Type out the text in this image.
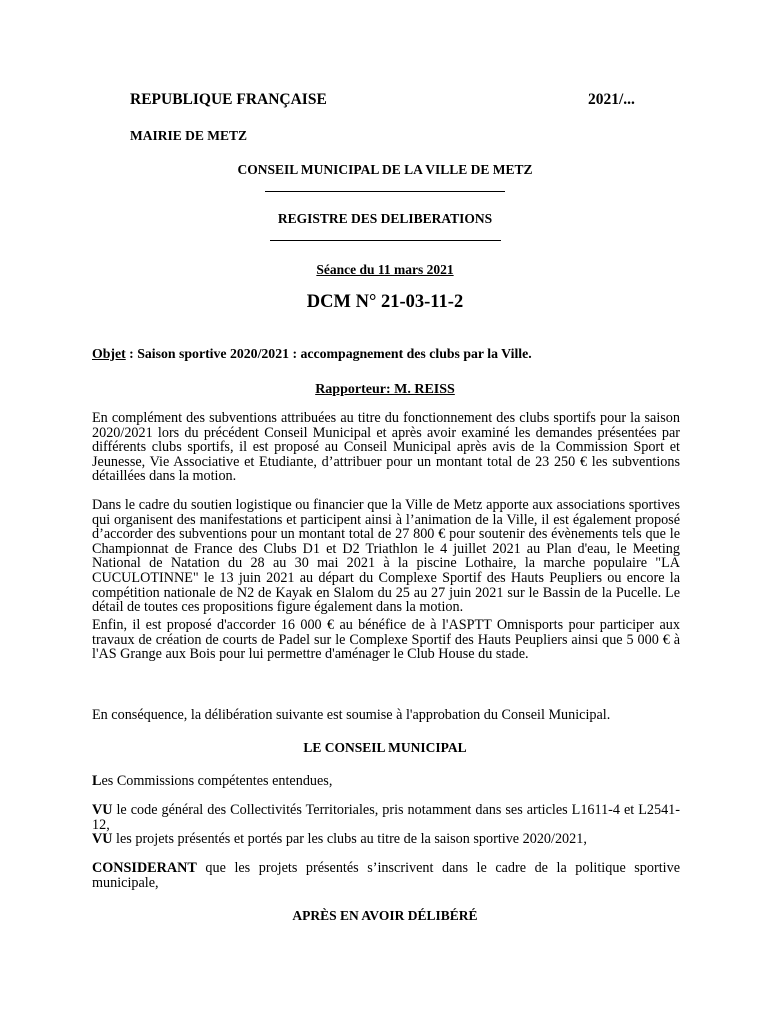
REPUBLIQUE FRANÇAISE	2021/...
MAIRIE DE METZ
CONSEIL MUNICIPAL DE LA VILLE DE METZ
REGISTRE DES DELIBERATIONS
Séance du 11 mars 2021
DCM N° 21-03-11-2
Objet : Saison sportive 2020/2021 : accompagnement des clubs par la Ville.
Rapporteur: M. REISS
En complément des subventions attribuées au titre du fonctionnement des clubs sportifs pour la saison 2020/2021 lors du précédent Conseil Municipal et après avoir examiné les demandes présentées par différents clubs sportifs, il est proposé au Conseil Municipal après avis de la Commission Sport et Jeunesse, Vie Associative et Etudiante, d’attribuer pour un montant total de 23 250 € les subventions détaillées dans la motion.
Dans le cadre du soutien logistique ou financier que la Ville de Metz apporte aux associations sportives qui organisent des manifestations et participent ainsi à l’animation de la Ville, il est également proposé d’accorder des subventions pour un montant total de 27 800 € pour soutenir des évènements tels que le Championnat de France des Clubs D1 et D2 Triathlon le 4 juillet 2021 au Plan d'eau, le Meeting National de Natation du 28 au 30 mai 2021 à la piscine Lothaire, la marche populaire "LA CUCULOTINNE" le 13 juin 2021 au départ du Complexe Sportif des Hauts Peupliers ou encore la compétition nationale de N2 de Kayak en Slalom du 25 au 27 juin 2021 sur le Bassin de la Pucelle. Le détail de toutes ces propositions figure également dans la motion.
Enfin, il est proposé d'accorder 16 000 € au bénéfice de à l'ASPTT Omnisports pour participer aux travaux de création de courts de Padel sur le Complexe Sportif des Hauts Peupliers ainsi que 5 000 € à l'AS Grange aux Bois pour lui permettre d'aménager le Club House du stade.
En conséquence, la délibération suivante est soumise à l'approbation du Conseil Municipal.
LE CONSEIL MUNICIPAL
Les Commissions compétentes entendues,
VU le code général des Collectivités Territoriales, pris notamment dans ses articles L1611-4 et L2541-12,
VU les projets présentés et portés par les clubs au titre de la saison sportive 2020/2021,
CONSIDERANT que les projets présentés s’inscrivent dans le cadre de la politique sportive municipale,
APRÈS EN AVOIR DÉLIBÉRÉ
